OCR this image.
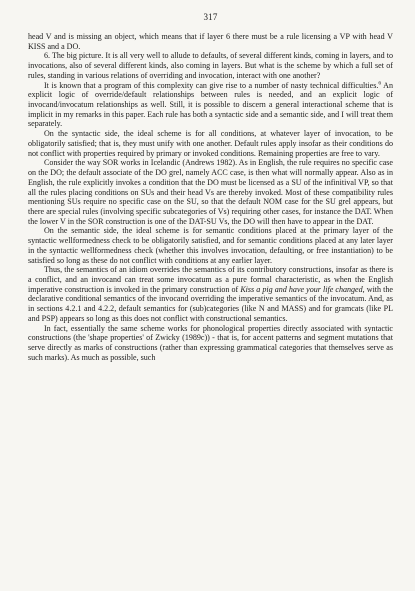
317

head V and is missing an object, which means that if layer 6 there must be a rule licensing a VP with head V KISS and a DO.

6. The big picture. It is all very well to allude to defaults, of several different kinds, coming in layers, and to invocations, also of several different kinds, also coming in layers. But what is the scheme by which a full set of rules, standing in various relations of overriding and invocation, interact with one another?

It is known that a program of this complexity can give rise to a number of nasty technical difficulties.$^6$ An explicit logic of override/default relationships between rules is needed, and an explicit logic of invocand/invocatum relationships as well. Still, it is possible to discern a general interactional scheme that is implicit in my remarks in this paper. Each rule has both a syntactic side and a semantic side, and I will treat them separately.

On the syntactic side, the ideal scheme is for all conditions, at whatever layer of invocation, to be obligatorily satisfied; that is, they must unify with one another. Default rules apply insofar as their conditions do not conflict with properties required by primary or invoked conditions. Remaining properties are free to vary.

Consider the way SOR works in Icelandic (Andrews 1982). As in English, the rule requires no specific case on the DO; the default associate of the DO grel, namely ACC case, is then what will normally appear. Also as in English, the rule explicitly invokes a condition that the DO must be licensed as a SU of the infinitival VP, so that all the rules placing conditions on SUs and their head Vs are thereby invoked. Most of these compatibility rules mentioning SUs require no specific case on the SU, so that the default NOM case for the SU grel appears, but there are special rules (involving specific subcategories of Vs) requiring other cases, for instance the DAT. When the lower V in the SOR construction is one of the DAT-SU Vs, the DO will then have to appear in the DAT.

On the semantic side, the ideal scheme is for semantic conditions placed at the primary layer of the syntactic wellformedness check to be obligatorily satisfied, and for semantic conditions placed at any later layer in the syntactic wellformedness check (whether this involves invocation, defaulting, or free instantiation) to be satisfied so long as these do not conflict with conditions at any earlier layer.

Thus, the semantics of an idiom overrides the semantics of its contributory constructions, insofar as there is a conflict, and an invocand can treat some invocatum as a pure formal characteristic, as when the English imperative construction is invoked in the primary construction of Kiss a pig and have your life changed, with the declarative conditional semantics of the invocand overriding the imperative semantics of the invocatum. And, as in sections 4.2.1 and 4.2.2, default semantics for (sub)categories (like N and MASS) and for gramcats (like PL and PSP) appears so long as this does not conflict with constructional semantics.

In fact, essentially the same scheme works for phonological properties directly associated with syntactic constructions (the 'shape properties' of Zwicky (1989c)) - that is, for accent patterns and segment mutations that serve directly as marks of constructions (rather than expressing grammatical categories that themselves serve as such marks). As much as possible, such
